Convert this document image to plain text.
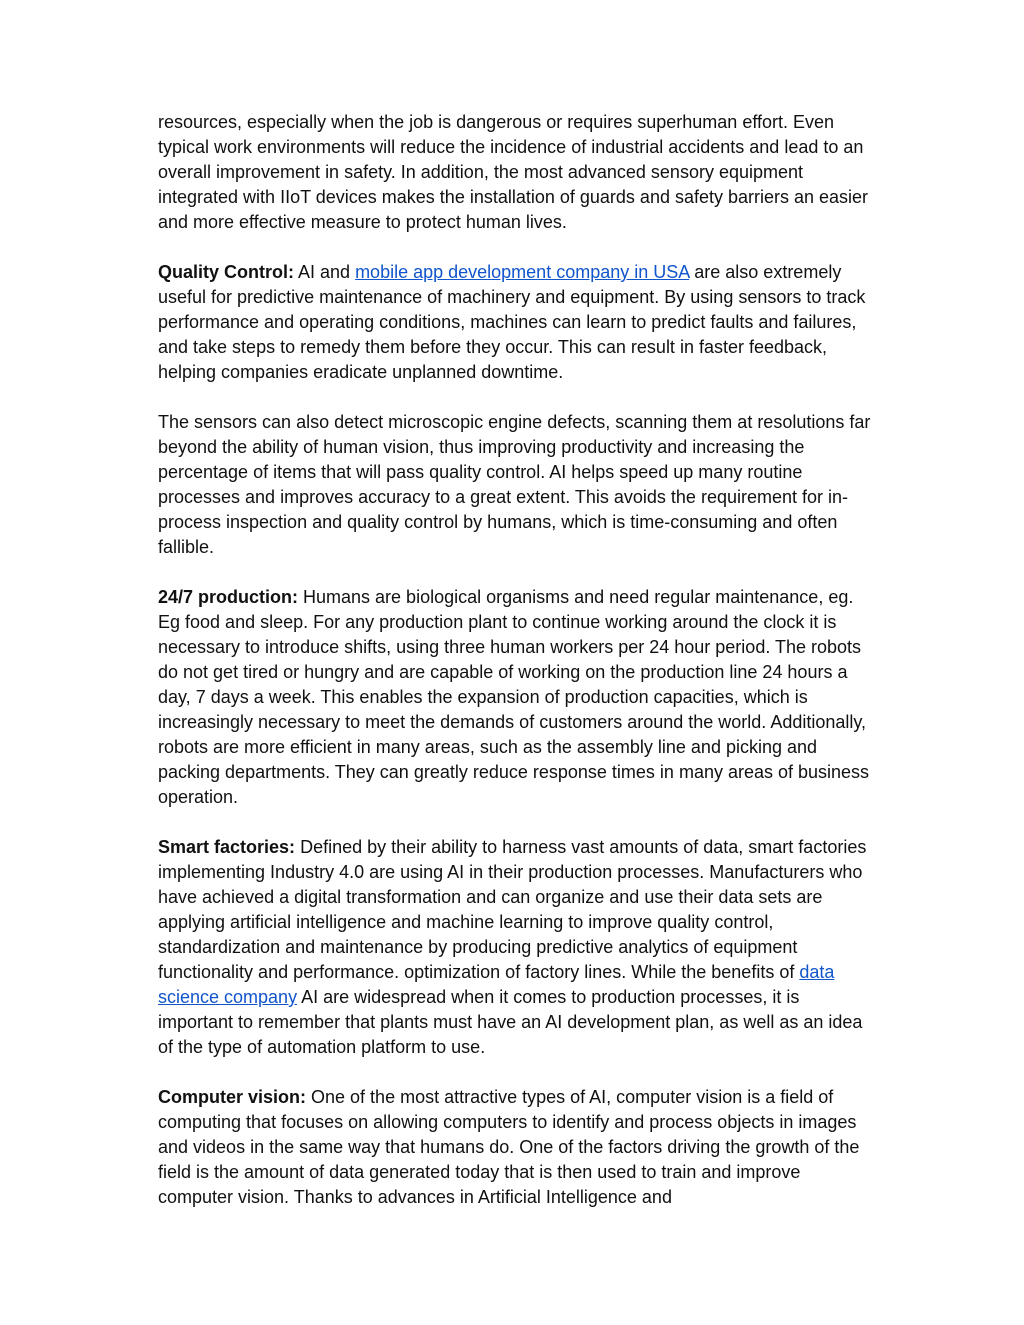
resources, especially when the job is dangerous or requires superhuman effort. Even typical work environments will reduce the incidence of industrial accidents and lead to an overall improvement in safety. In addition, the most advanced sensory equipment integrated with IIoT devices makes the installation of guards and safety barriers an easier and more effective measure to protect human lives.

Quality Control: AI and mobile app development company in USA are also extremely useful for predictive maintenance of machinery and equipment. By using sensors to track performance and operating conditions, machines can learn to predict faults and failures, and take steps to remedy them before they occur. This can result in faster feedback, helping companies eradicate unplanned downtime.

The sensors can also detect microscopic engine defects, scanning them at resolutions far beyond the ability of human vision, thus improving productivity and increasing the percentage of items that will pass quality control. AI helps speed up many routine processes and improves accuracy to a great extent. This avoids the requirement for in-process inspection and quality control by humans, which is time-consuming and often fallible.

24/7 production: Humans are biological organisms and need regular maintenance, eg. Eg food and sleep. For any production plant to continue working around the clock it is necessary to introduce shifts, using three human workers per 24 hour period. The robots do not get tired or hungry and are capable of working on the production line 24 hours a day, 7 days a week. This enables the expansion of production capacities, which is increasingly necessary to meet the demands of customers around the world. Additionally, robots are more efficient in many areas, such as the assembly line and picking and packing departments. They can greatly reduce response times in many areas of business operation.

Smart factories: Defined by their ability to harness vast amounts of data, smart factories implementing Industry 4.0 are using AI in their production processes. Manufacturers who have achieved a digital transformation and can organize and use their data sets are applying artificial intelligence and machine learning to improve quality control, standardization and maintenance by producing predictive analytics of equipment functionality and performance. optimization of factory lines. While the benefits of data science company AI are widespread when it comes to production processes, it is important to remember that plants must have an AI development plan, as well as an idea of the type of automation platform to use.

Computer vision: One of the most attractive types of AI, computer vision is a field of computing that focuses on allowing computers to identify and process objects in images and videos in the same way that humans do. One of the factors driving the growth of the field is the amount of data generated today that is then used to train and improve computer vision. Thanks to advances in Artificial Intelligence and
